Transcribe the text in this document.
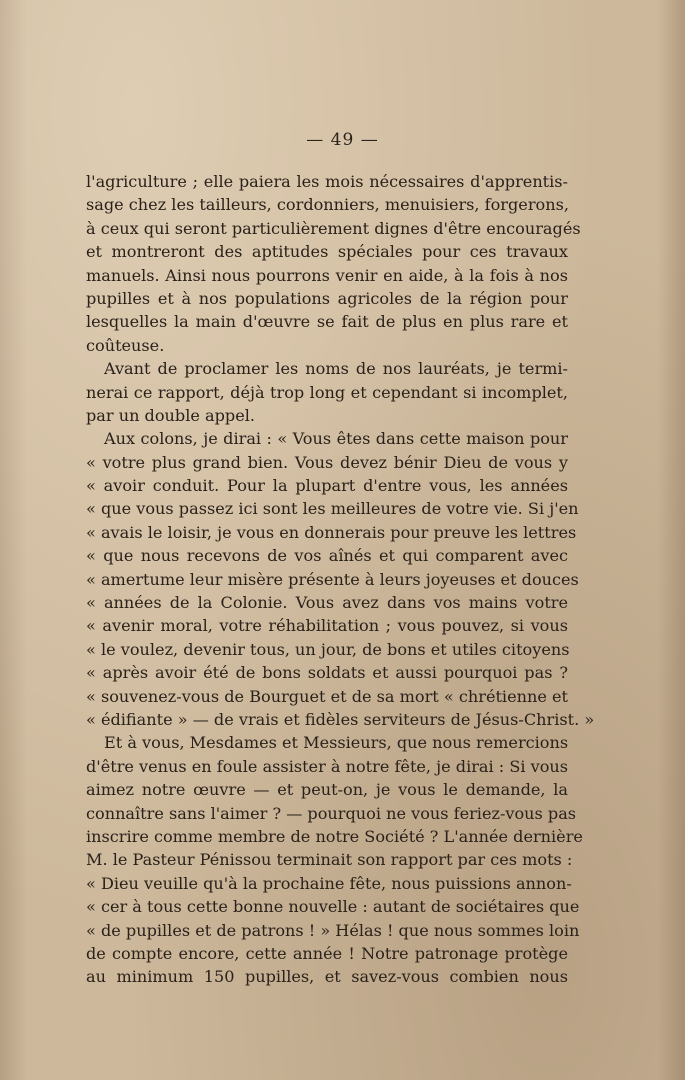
— 49 —
l'agriculture ; elle paiera les mois nécessaires d'apprentis-
sage chez les tailleurs, cordonniers, menuisiers, forgerons,
à ceux qui seront particulièrement dignes d'être encouragés
et montreront des aptitudes spéciales pour ces travaux
manuels. Ainsi nous pourrons venir en aide, à la fois à nos
pupilles et à nos populations agricoles de la région pour
lesquelles la main d'œuvre se fait de plus en plus rare et
coûteuse.
Avant de proclamer les noms de nos lauréats, je termi-
nerai ce rapport, déjà trop long et cependant si incomplet,
par un double appel.
Aux colons, je dirai : « Vous êtes dans cette maison pour
« votre plus grand bien. Vous devez bénir Dieu de vous y
« avoir conduit. Pour la plupart d'entre vous, les années
« que vous passez ici sont les meilleures de votre vie. Si j'en
« avais le loisir, je vous en donnerais pour preuve les lettres
« que nous recevons de vos aînés et qui comparent avec
« amertume leur misère présente à leurs joyeuses et douces
« années de la Colonie. Vous avez dans vos mains votre
« avenir moral, votre réhabilitation ; vous pouvez, si vous
« le voulez, devenir tous, un jour, de bons et utiles citoyens
« après avoir été de bons soldats et aussi pourquoi pas ?
« souvenez-vous de Bourguet et de sa mort « chrétienne et
« édifiante » — de vrais et fidèles serviteurs de Jésus-Christ. »
Et à vous, Mesdames et Messieurs, que nous remercions
d'être venus en foule assister à notre fête, je dirai : Si vous
aimez notre œuvre — et peut-on, je vous le demande, la
connaître sans l'aimer ? — pourquoi ne vous feriez-vous pas
inscrire comme membre de notre Société ? L'année dernière
M. le Pasteur Pénissou terminait son rapport par ces mots :
« Dieu veuille qu'à la prochaine fête, nous puissions annon-
« cer à tous cette bonne nouvelle : autant de sociétaires que
« de pupilles et de patrons ! » Hélas ! que nous sommes loin
de compte encore, cette année ! Notre patronage protège
au minimum 150 pupilles, et savez-vous combien nous
